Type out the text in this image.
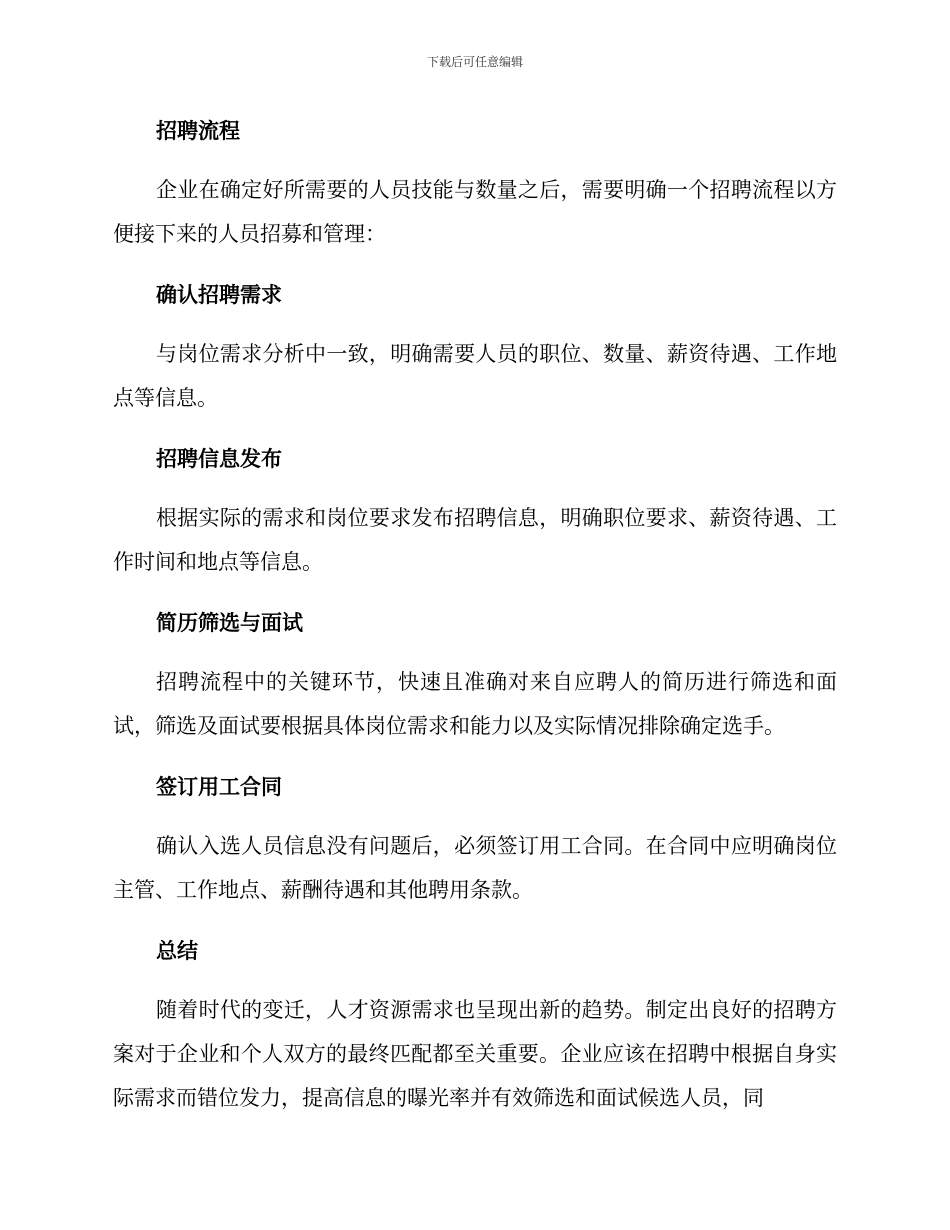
下载后可任意编辑
招聘流程

企业在确定好所需要的人员技能与数量之后，需要明确一个招聘流程以方便接下来的人员招募和管理：

确认招聘需求

与岗位需求分析中一致，明确需要人员的职位、数量、薪资待遇、工作地点等信息。

招聘信息发布

根据实际的需求和岗位要求发布招聘信息，明确职位要求、薪资待遇、工作时间和地点等信息。

简历筛选与面试

招聘流程中的关键环节，快速且准确对来自应聘人的简历进行筛选和面试，筛选及面试要根据具体岗位需求和能力以及实际情况排除确定选手。

签订用工合同

确认入选人员信息没有问题后，必须签订用工合同。在合同中应明确岗位主管、工作地点、薪酬待遇和其他聘用条款。

总结

随着时代的变迁，人才资源需求也呈现出新的趋势。制定出良好的招聘方案对于企业和个人双方的最终匹配都至关重要。企业应该在招聘中根据自身实际需求而错位发力，提高信息的曝光率并有效筛选和面试候选人员，同
